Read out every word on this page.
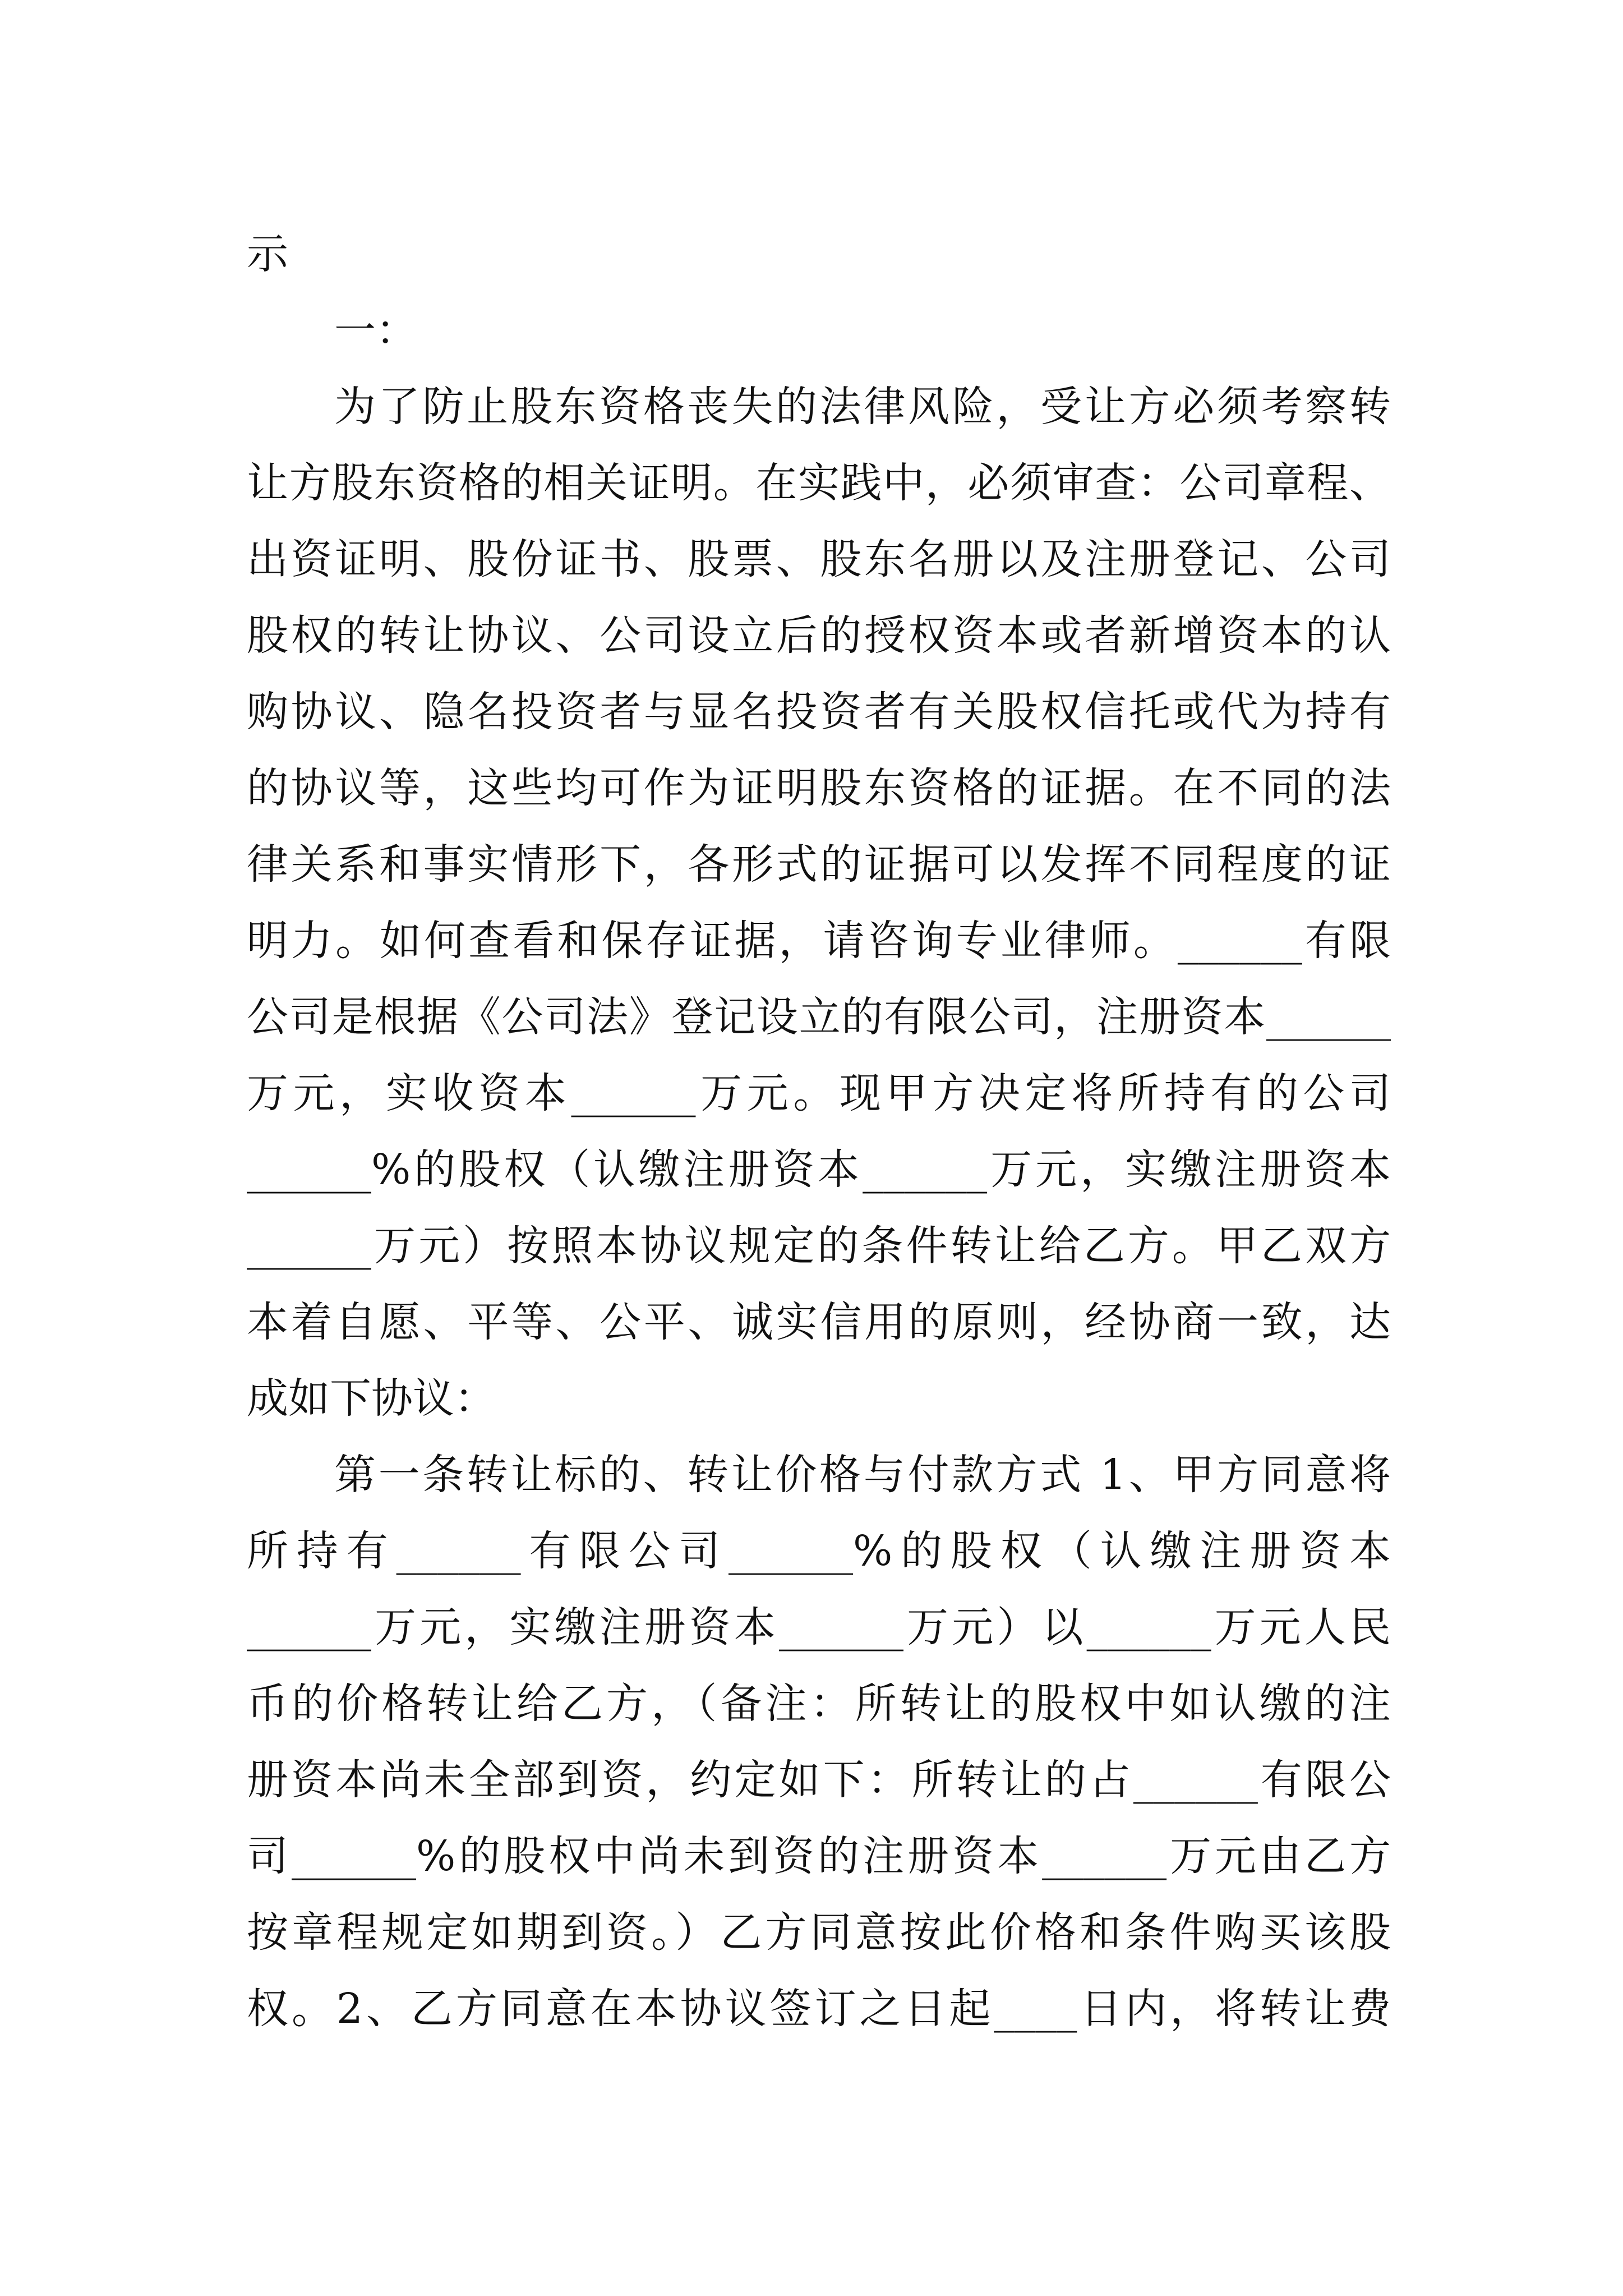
示
一：
为了防止股东资格丧失的法律风险，受让方必须考察转
让方股东资格的相关证明。在实践中，必须审查：公司章程、
出资证明、股份证书、股票、股东名册以及注册登记、公司
股权的转让协议、公司设立后的授权资本或者新增资本的认
购协议、隐名投资者与显名投资者有关股权信托或代为持有
的协议等，这些均可作为证明股东资格的证据。在不同的法
律关系和事实情形下，各形式的证据可以发挥不同程度的证
明力。如何查看和保存证据，请咨询专业律师。______有限
公司是根据《公司法》登记设立的有限公司，注册资本______
万元，实收资本______万元。现甲方决定将所持有的公司
______%的股权（认缴注册资本______万元，实缴注册资本
______万元）按照本协议规定的条件转让给乙方。甲乙双方
本着自愿、平等、公平、诚实信用的原则，经协商一致，达
成如下协议：
第一条转让标的、转让价格与付款方式 1、甲方同意将
所持有______有限公司______%的股权（认缴注册资本
______万元，实缴注册资本______万元）以______万元人民
币的价格转让给乙方，（备注：所转让的股权中如认缴的注
册资本尚未全部到资，约定如下：所转让的占______有限公
司______%的股权中尚未到资的注册资本______万元由乙方
按章程规定如期到资。）乙方同意按此价格和条件购买该股
权。2、乙方同意在本协议签订之日起____日内，将转让费
